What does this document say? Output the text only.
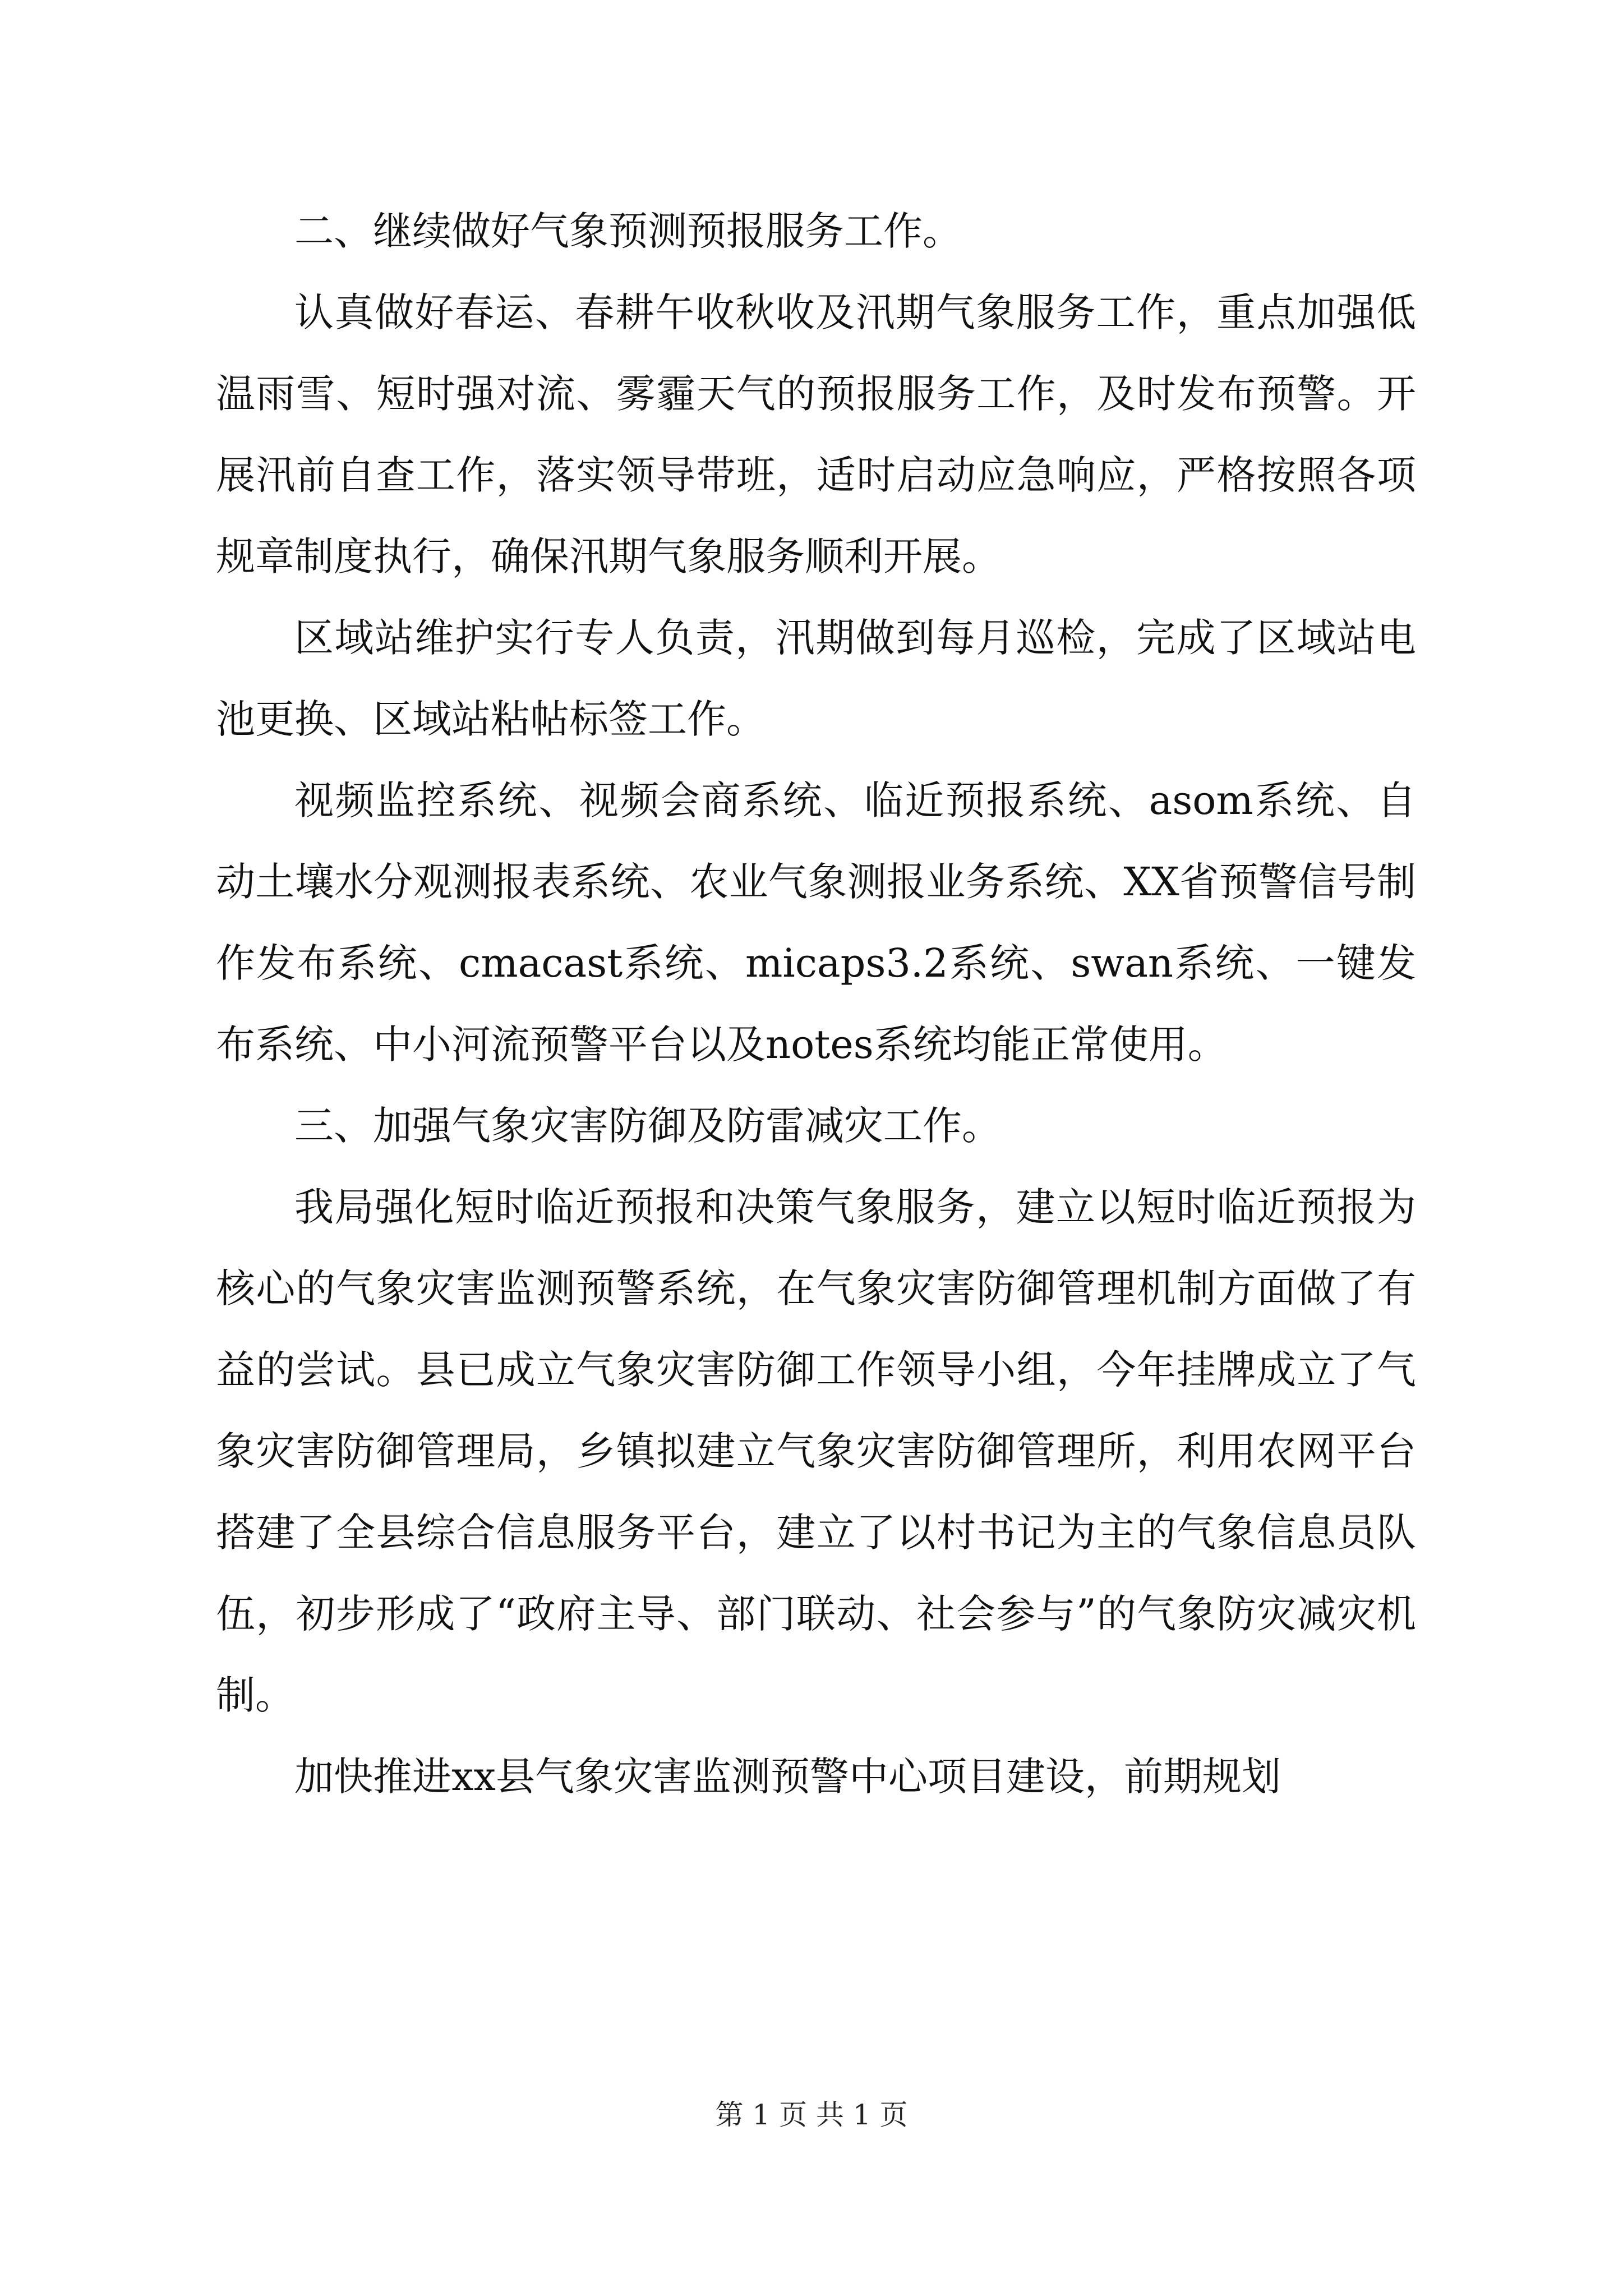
二、继续做好气象预测预报服务工作。

认真做好春运、春耕午收秋收及汛期气象服务工作，重点加强低温雨雪、短时强对流、雾霾天气的预报服务工作，及时发布预警。开展汛前自查工作，落实领导带班，适时启动应急响应，严格按照各项规章制度执行，确保汛期气象服务顺利开展。

区域站维护实行专人负责，汛期做到每月巡检，完成了区域站电池更换、区域站粘帖标签工作。

视频监控系统、视频会商系统、临近预报系统、asom系统、自动土壤水分观测报表系统、农业气象测报业务系统、XX省预警信号制作发布系统、cmacast系统、micaps3.2系统、swan系统、一键发布系统、中小河流预警平台以及notes系统均能正常使用。

三、加强气象灾害防御及防雷减灾工作。

我局强化短时临近预报和决策气象服务，建立以短时临近预报为核心的气象灾害监测预警系统，在气象灾害防御管理机制方面做了有益的尝试。县已成立气象灾害防御工作领导小组，今年挂牌成立了气象灾害防御管理局，乡镇拟建立气象灾害防御管理所，利用农网平台搭建了全县综合信息服务平台，建立了以村书记为主的气象信息员队伍，初步形成了“政府主导、部门联动、社会参与”的气象防灾减灾机制。

加快推进xx县气象灾害监测预警中心项目建设，前期规划

第 1 页 共 1 页
